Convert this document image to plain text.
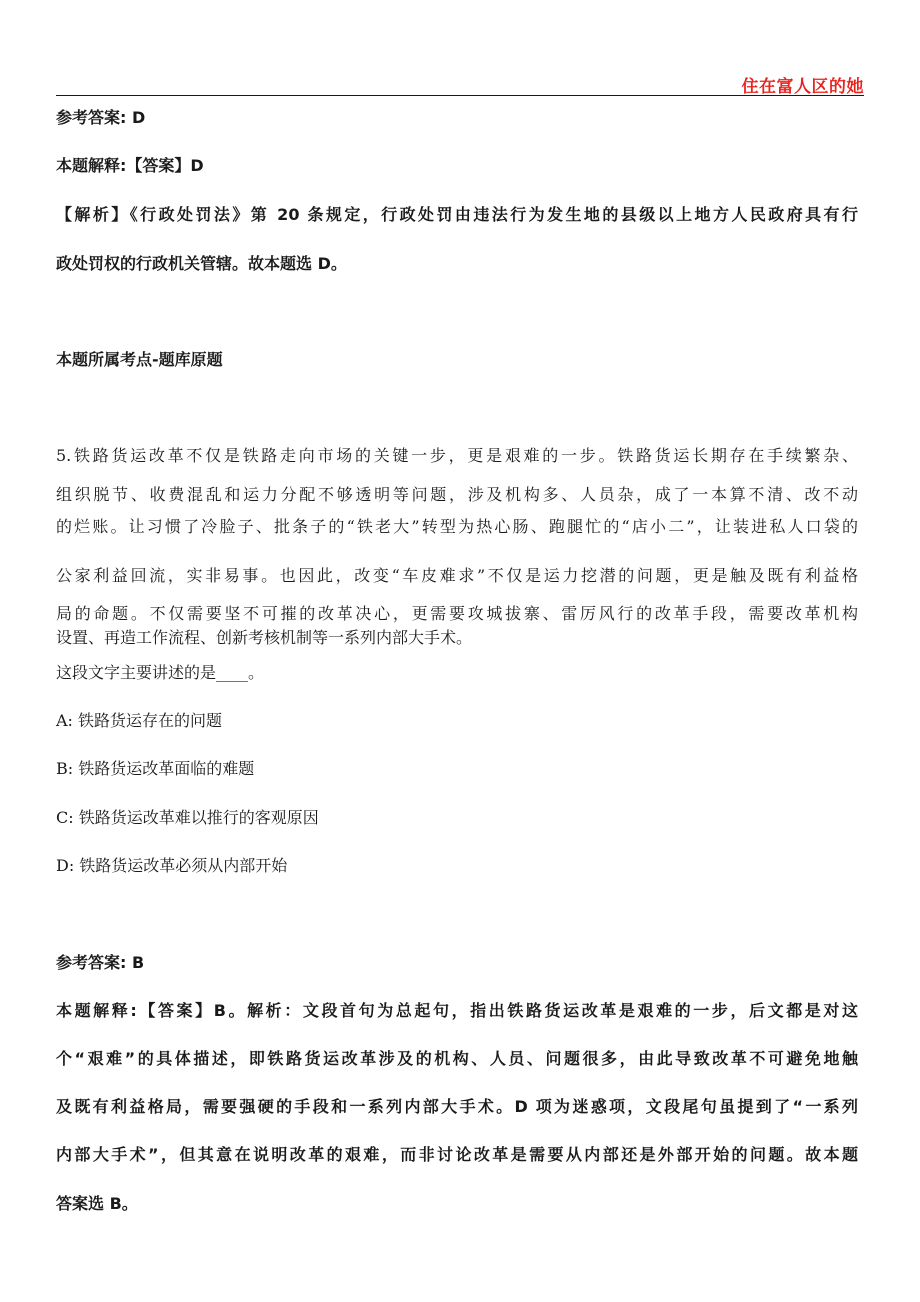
住在富人区的她
参考答案: D
本题解释:【答案】D
【解析】《行政处罚法》第 20 条规定，行政处罚由违法行为发生地的县级以上地方人民政府具有行
政处罚权的行政机关管辖。故本题选 D。
本题所属考点-题库原题
5.铁路货运改革不仅是铁路走向市场的关键一步，更是艰难的一步。铁路货运长期存在手续繁杂、
组织脱节、收费混乱和运力分配不够透明等问题，涉及机构多、人员杂，成了一本算不清、改不动
的烂账。让习惯了冷脸子、批条子的“铁老大”转型为热心肠、跑腿忙的“店小二”，让装进私人口袋的
公家利益回流，实非易事。也因此，改变“车皮难求”不仅是运力挖潜的问题，更是触及既有利益格
局的命题。不仅需要坚不可摧的改革决心，更需要攻城拔寨、雷厉风行的改革手段，需要改革机构
设置、再造工作流程、创新考核机制等一系列内部大手术。
这段文字主要讲述的是____。
A: 铁路货运存在的问题
B: 铁路货运改革面临的难题
C: 铁路货运改革难以推行的客观原因
D: 铁路货运改革必须从内部开始
参考答案: B
本题解释:【答案】B。解析：文段首句为总起句，指出铁路货运改革是艰难的一步，后文都是对这
个“艰难”的具体描述，即铁路货运改革涉及的机构、人员、问题很多，由此导致改革不可避免地触
及既有利益格局，需要强硬的手段和一系列内部大手术。D 项为迷惑项，文段尾句虽提到了“一系列
内部大手术”，但其意在说明改革的艰难，而非讨论改革是需要从内部还是外部开始的问题。故本题
答案选 B。
